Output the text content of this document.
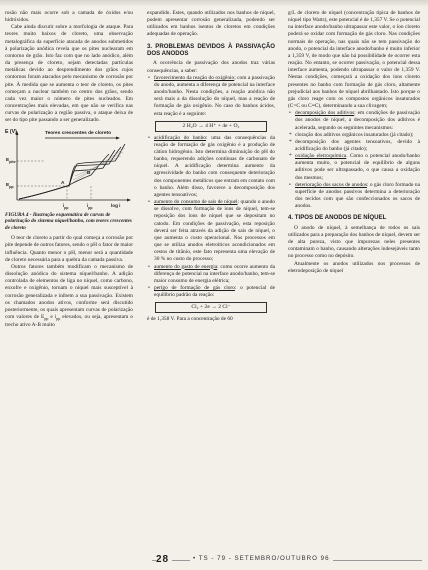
rosão não mais ocorre sob a camada de óxidos e/ou hidróxidos.

Cabe ainda discutir sobre a morfologia de ataque. Para teores muito baixos de cloreto, uma observação metalográfica da superfície atacada de anodos submetidos à polarização anódica revela que os pites nuclearam em contorno de grão. Isto faz com que no lado anódico, além da presença de cloreto, sejam detectadas partículas metálicas devido ao desprendimento dos grãos cujos contornos foram atacados pelo mecanismo de corrosão por pite. À medida que se aumenta o teor de cloreto, os pites começam a nuclear também no centro dos grãos, sendo cada vez maior o número de pites nucleados. Em concentrações mais elevadas, em que não se verifica nas curvas de polarização a região passiva, o ataque deixa de ser do tipo pite passando a ser generalizado.

E (V)	Teores crescentes de cloreto
$E_{pite}$
$E_{pp}$
A
B
$i_{pp}$	$i_{pp}$	log i
FIGURA 4 - Ilustração esquemática de curvas de polarização do sistema níquel/banho, com teores crescentes de cloreto

O teor de cloreto a partir do qual começa a corrosão por pite depende de outros fatores, sendo o pH o fator de maior influência. Quanto menor o pH, menor será a quantidade de cloreto necessária para a quebra da camada passiva.

Outros fatores também modificam o mecanismo de dissolução anódica do sistema níquel/banho. A adição controlada de elementos de liga no níquel, como carbono, enxofre e oxigênio, tornam o níquel mais susceptível à corrosão generalizada e inibem a sua passivação. Existem os chamados anodos ativos, conforme será discutido posteriormente, os quais apresentam curvas de polarização com valores de $E_{pp}$ e $i_{pp}$ elevados, ou seja, apresentam o trecho ativo A-B muito

expandido. Estes, quando utilizados nos banhos de níquel, podem apresentar corrosão generalizada, podendo ser utilizados em banhos isentos de cloretos em condições adequadas de operação.

3. PROBLEMAS DEVIDOS À PASSIVAÇÃO DOS ANODOS

A ocorrência de passivação dos anodos traz várias consequências, a saber:

• favorecimento da reação do oxigênio; com a passivação do anodo, aumenta a diferença de potencial na interface anodo/banho. Nesta condições, a reação anódica não será mais a da dissolução do níquel, mas a reação de formação de gás oxigênio. No caso do banhos ácidos, esta reação é a seguinte:
2 H₂O → 4 H⁺ + 4e + O₂
• acidificação do banho: uma das consequências da reação de formação de gás oxigênio é a produção de cátion hidrogênio. Isto determina diminuição do pH do banho, requerendo adições contínuas de carbonato de níquel. A acidificação determina aumento da agressividade do banho com consequente deterioração dos componentes metálicos que entram em contato com o banho. Além disso, favorece a decomposição dos agentes tensoativos;
• aumento do consumo de sais de níquel: quando o anodo se dissolve, com formação de íons de níquel, tem-se reposição dos íons de níquel que se depositam no catodo. Em condições de passivação, esta reposição deverá ser feita através da adição de sais de níquel, o que aumenta o custo operacional. Nos processos em que se utiliza anodos eletroíticos acondicionados em cestos de titânio, este fato representa uma elevação de 30 % no custo do processo;
• aumento do gasto de energia: como ocorre aumento da diferença de potencial na interface anodo/banho, tem-se maior consumo de energia elétrica;
• perigo de formação de gás cloro: o potencial de equilíbrio padrão da reação:
Cl₂ + 2e → 2 Cl⁻

é de 1,358 V. Para a concentração de 60

g/L de cloreto de níquel (concentração típica de banhos de níquel tipo Watts), este potencial é de 1,357 V. Se o potencial na interface anodo/banho ultrapassar este valor, o íon cloreto poderá se oxidar com formação de gás cloro. Nas condições normais de operação, nas quais não se tem passivação do anodo, o potencial da interface anodo/banho é muito inferior a 1,359 V, de modo que não há possibilidade de ocorrer esta reação. No entanto, se ocorrer passivação, o potencial dessa interface aumenta, podendo ultrapassar o valor de 1,359 V. Nestas condições, começará a oxidação dos íons cloreto presentes no banho com formação de gás cloro, altamente prejudicial aos banhos de níquel abrilhantado. Isto porque o gás cloro reage com os compostos orgânicos insaturados (C=C ou C≡C), determinando a sua clivagem;

• decomposição dos aditivos: em condições de passivação dos anodos de níquel, a decomposição dos aditivos é acelerada, segundo os seguintes mecanismos:
* cloração dos aditivos orgânicos insaturados (já citado);
* decomposição dos agentes tensoativos, devido à acidificação do banho (já citado);
* oxidação eletroquímica. Como o potencial anodo/banho aumenta muito, o potencial de equilíbrio de alguns aditivos pode ser ultrapassado, o que causa a oxidação dos mesmos;
• deterioração dos sacos de anodos: o gás cloro formado na superfície de anodos passivos determina a deterioração dos tecidos com que são confeccionados os sacos de anodos.
4. TIPOS DE ANODOS DE NÍQUEL

O anodo de níquel, à semelhança de todos os sais utilizados para a preparação dos banhos de níquel, devem ser de alta pureza, visto que impurezas neles presentes contaminam o banho, causando alterações indesejáveis tanto no processo como no depósito.

Atualmente os anodos utilizados nos processos de eletrodeposição de níquel

28	• TS - 79 - SETEMBRO/OUTUBRO 96
